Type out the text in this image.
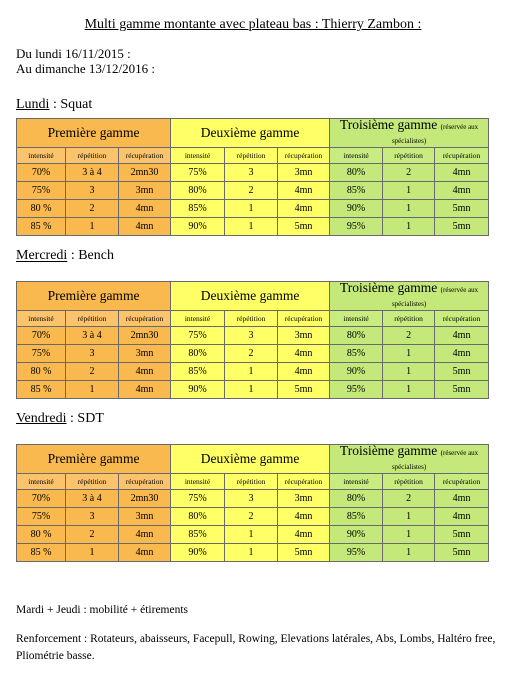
Multi gamme montante avec plateau bas : Thierry Zambon :
Du lundi 16/11/2015 :
Au dimanche 13/12/2016 :
Lundi : Squat
Première gamme			Deuxième gamme			Troisième gamme (réservée aux spécialistes)		
intensité	répétition	récupération	intensité	répétition	récupération	intensité	répétition	récupération
70%	3 à 4	2mn30	75%	3	3mn	80%	2	4mn
75%	3	3mn	80%	2	4mn	85%	1	4mn
80 %	2	4mn	85%	1	4mn	90%	1	5mn
85 %	1	4mn	90%	1	5mn	95%	1	5mn
Mercredi : Bench
Première gamme			Deuxième gamme			Troisième gamme (réservée aux spécialistes)		
intensité	répétition	récupération	intensité	répétition	récupération	intensité	répétition	récupération
70%	3 à 4	2mn30	75%	3	3mn	80%	2	4mn
75%	3	3mn	80%	2	4mn	85%	1	4mn
80 %	2	4mn	85%	1	4mn	90%	1	5mn
85 %	1	4mn	90%	1	5mn	95%	1	5mn
Vendredi : SDT
Première gamme			Deuxième gamme			Troisième gamme (réservée aux spécialistes)		
intensité	répétition	récupération	intensité	répétition	récupération	intensité	répétition	récupération
70%	3 à 4	2mn30	75%	3	3mn	80%	2	4mn
75%	3	3mn	80%	2	4mn	85%	1	4mn
80 %	2	4mn	85%	1	4mn	90%	1	5mn
85 %	1	4mn	90%	1	5mn	95%	1	5mn
Mardi + Jeudi : mobilité + étirements
Renforcement : Rotateurs, abaisseurs, Facepull, Rowing, Elevations latérales, Abs, Lombs, Haltéro free, Pliométrie basse.
